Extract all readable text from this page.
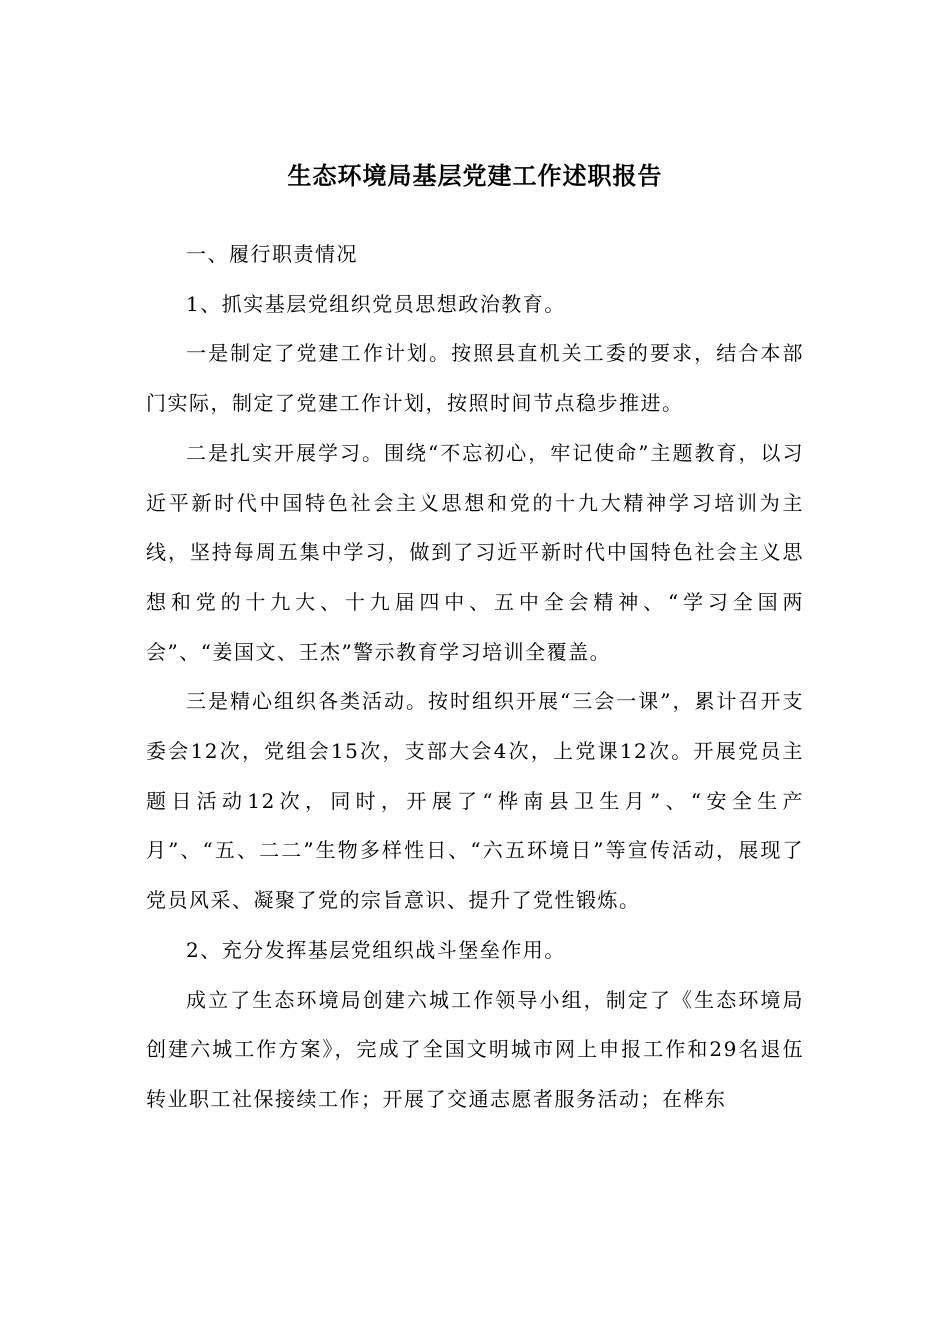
生态环境局基层党建工作述职报告

一、履行职责情况

1、抓实基层党组织党员思想政治教育。

一是制定了党建工作计划。按照县直机关工委的要求，结合本部门实际，制定了党建工作计划，按照时间节点稳步推进。

二是扎实开展学习。围绕“不忘初心，牢记使命”主题教育，以习近平新时代中国特色社会主义思想和党的十九大精神学习培训为主线，坚持每周五集中学习，做到了习近平新时代中国特色社会主义思想和党的十九大、十九届四中、五中全会精神、“学习全国两会”、“姜国文、王杰”警示教育学习培训全覆盖。

三是精心组织各类活动。按时组织开展“三会一课”，累计召开支委会12次，党组会15次，支部大会4次，上党课12次。开展党员主题日活动12次，同时，开展了“桦南县卫生月”、“安全生产月”、“五、二二”生物多样性日、“六五环境日”等宣传活动，展现了党员风采、凝聚了党的宗旨意识、提升了党性锻炼。

2、充分发挥基层党组织战斗堡垒作用。

成立了生态环境局创建六城工作领导小组，制定了《生态环境局创建六城工作方案》，完成了全国文明城市网上申报工作和29名退伍转业职工社保接续工作；开展了交通志愿者服务活动；在桦东
